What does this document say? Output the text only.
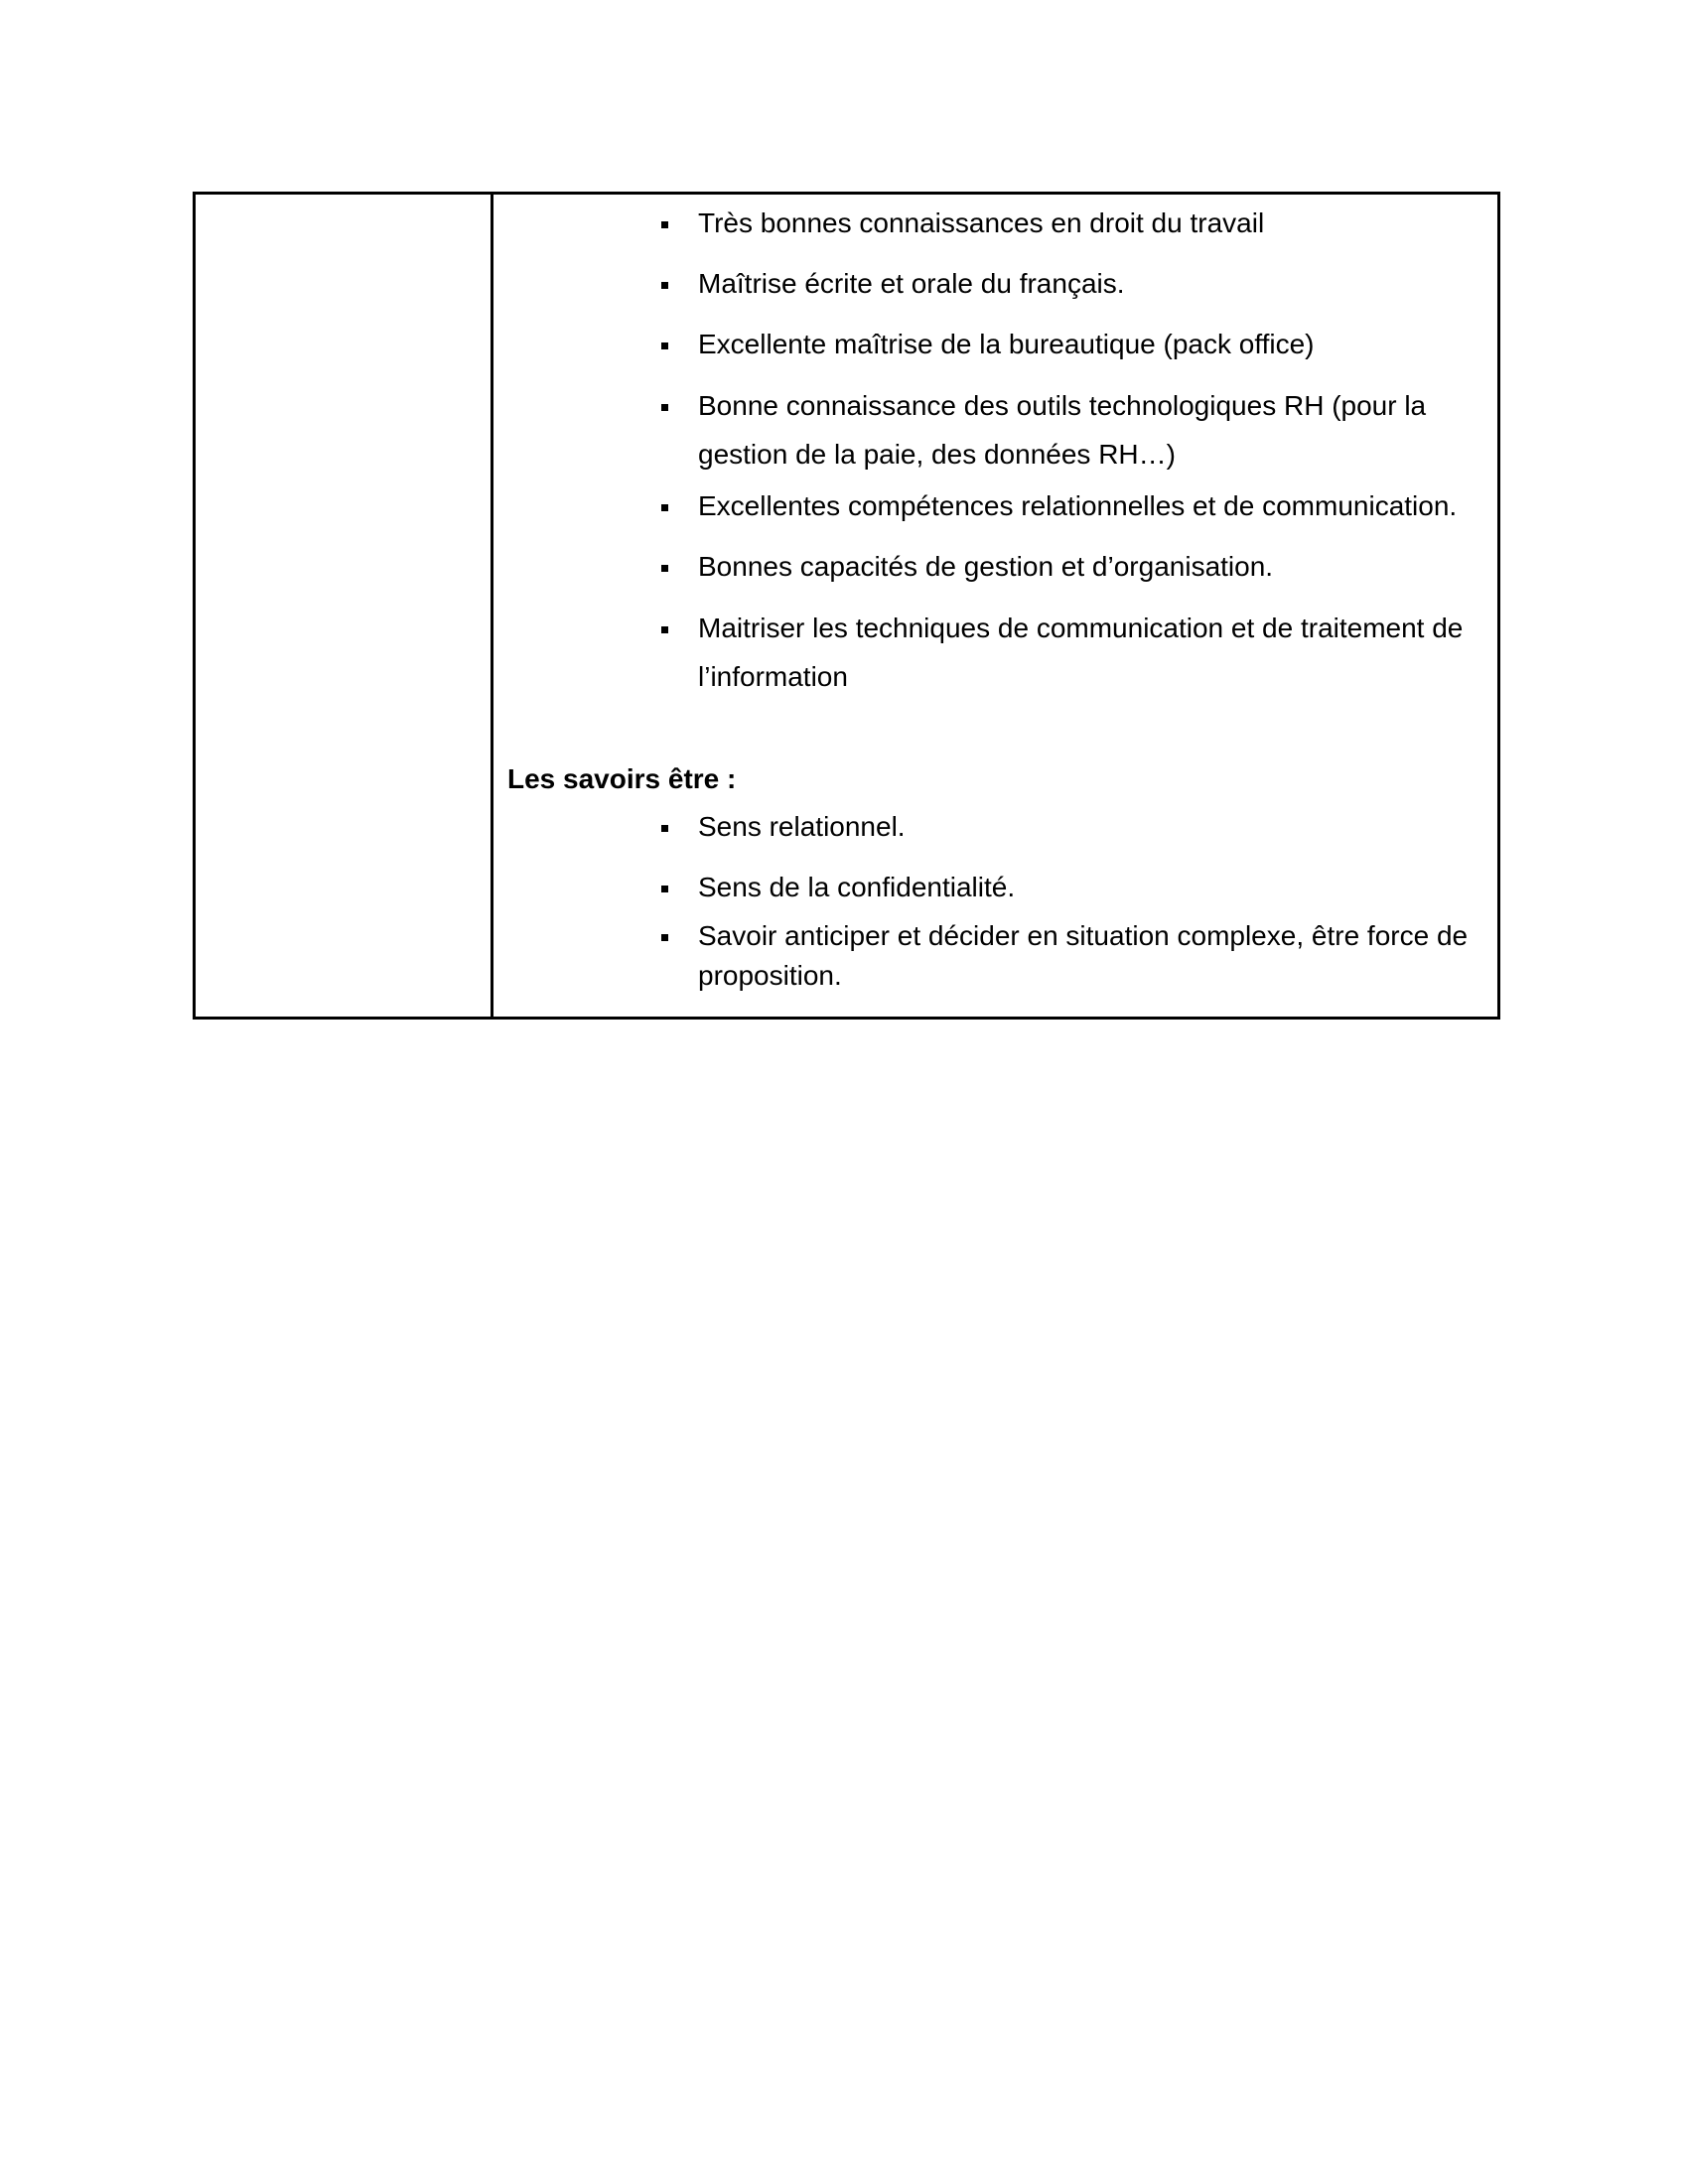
Très bonnes connaissances en droit du travail
Maîtrise écrite et orale du français.
Excellente maîtrise de la bureautique (pack office)
Bonne connaissance des outils technologiques RH (pour la gestion de la paie, des données RH…)
Excellentes compétences relationnelles et de communication.
Bonnes capacités de gestion et d’organisation.
Maitriser les techniques de communication et de traitement de l’information
Les savoirs être :
Sens relationnel.
Sens de la confidentialité.
Savoir anticiper et décider en situation complexe, être force de proposition.
